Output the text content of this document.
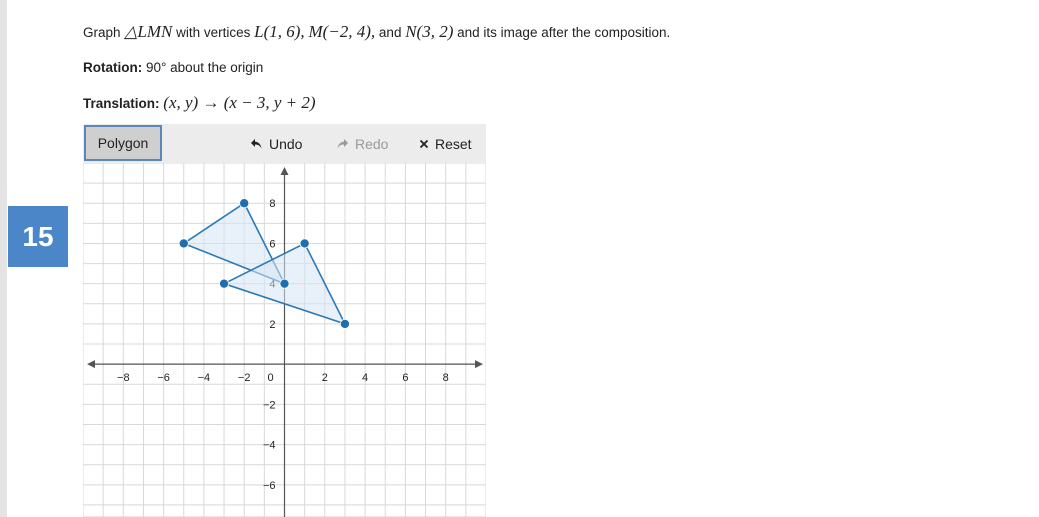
15
Graph △LMN with vertices L(1, 6), M(−2, 4), and N(3, 2) and its image after the composition.
Rotation: 90° about the origin
Translation: (x, y) → (x − 3, y + 2)
Polygon	Undo	Redo	Reset
−8	−6	−4	−2 0	2	4	6	8
−6
−4
−2
2
6
8
